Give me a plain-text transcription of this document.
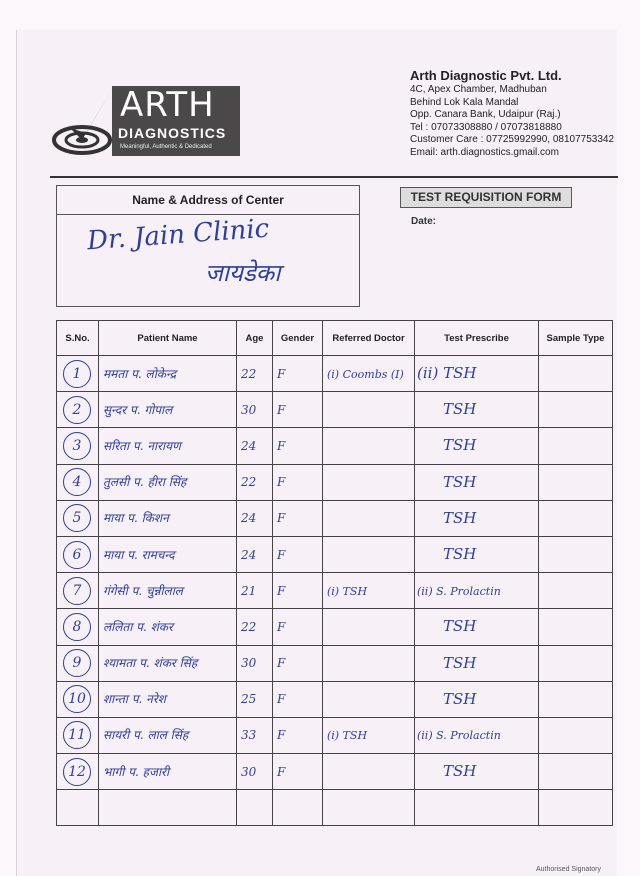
ARTH
DIAGNOSTICS
Meaningful, Authentic & Dedicated
Arth Diagnostic Pvt. Ltd.
4C, Apex Chamber, Madhuban
Behind Lok Kala Mandal
Opp. Canara Bank, Udaipur (Raj.)
Tel : 07073308880 / 07073818880
Customer Care : 07725992990, 08107753342
Email: arth.diagnostics.gmail.com
Name & Address of Center
Dr. Jain Clinic
जायडेका
TEST REQUISITION FORM
Date:
S.No.	Patient Name	Age	Gender	Referred Doctor	Test Prescribe	Sample Type
1	ममता प. लोकेन्द्र	22	F	(i) Coombs (I)	(ii) TSH	
2	सुन्दर प. गोपाल	30	F		TSH	
3	सरिता प. नारायण	24	F		TSH	
4	तुलसी प. हीरा सिंह	22	F		TSH	
5	माया प. किशन	24	F		TSH	
6	माया प. रामचन्द	24	F		TSH	
7	गंगेसी प. चुन्नीलाल	21	F	(i) TSH	(ii) S. Prolactin	
8	ललिता प. शंकर	22	F		TSH	
9	श्यामता प. शंकर सिंह	30	F		TSH	
10	शान्ता प. नरेश	25	F		TSH	
11	सायरी प. लाल सिंह	33	F	(i) TSH	(ii) S. Prolactin	
12	भागी प. हजारी	30	F		TSH	

Authorised Signatory
